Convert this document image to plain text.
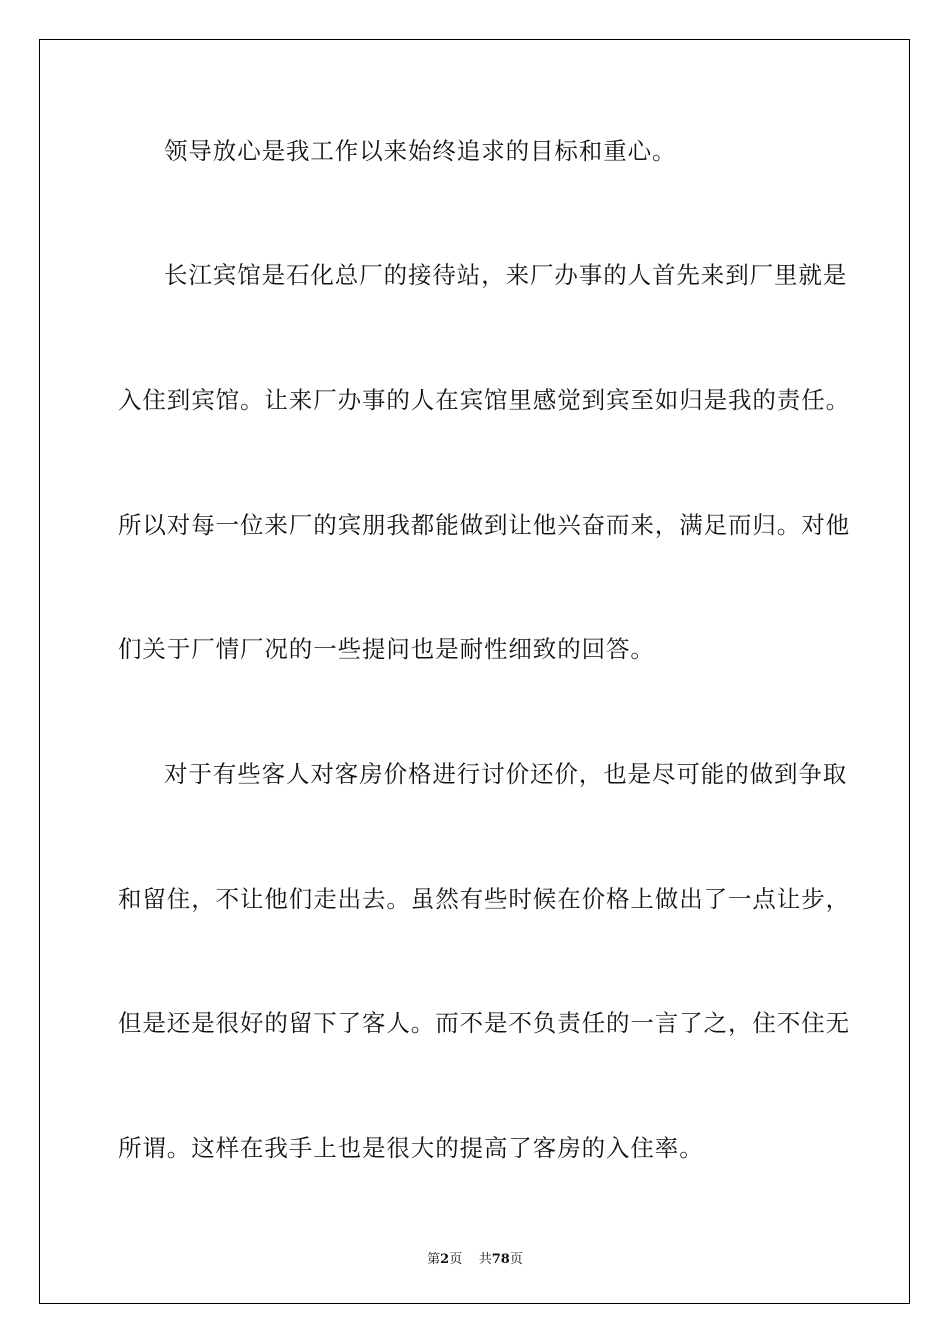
领导放心是我工作以来始终追求的目标和重心。

长江宾馆是石化总厂的接待站，来厂办事的人首先来到厂里就是

入住到宾馆。让来厂办事的人在宾馆里感觉到宾至如归是我的责任。

所以对每一位来厂的宾朋我都能做到让他兴奋而来，满足而归。对他

们关于厂情厂况的一些提问也是耐性细致的回答。

对于有些客人对客房价格进行讨价还价，也是尽可能的做到争取

和留住，不让他们走出去。虽然有些时候在价格上做出了一点让步，

但是还是很好的留下了客人。而不是不负责任的一言了之，住不住无

所谓。这样在我手上也是很大的提高了客房的入住率。

第2页 共78页
